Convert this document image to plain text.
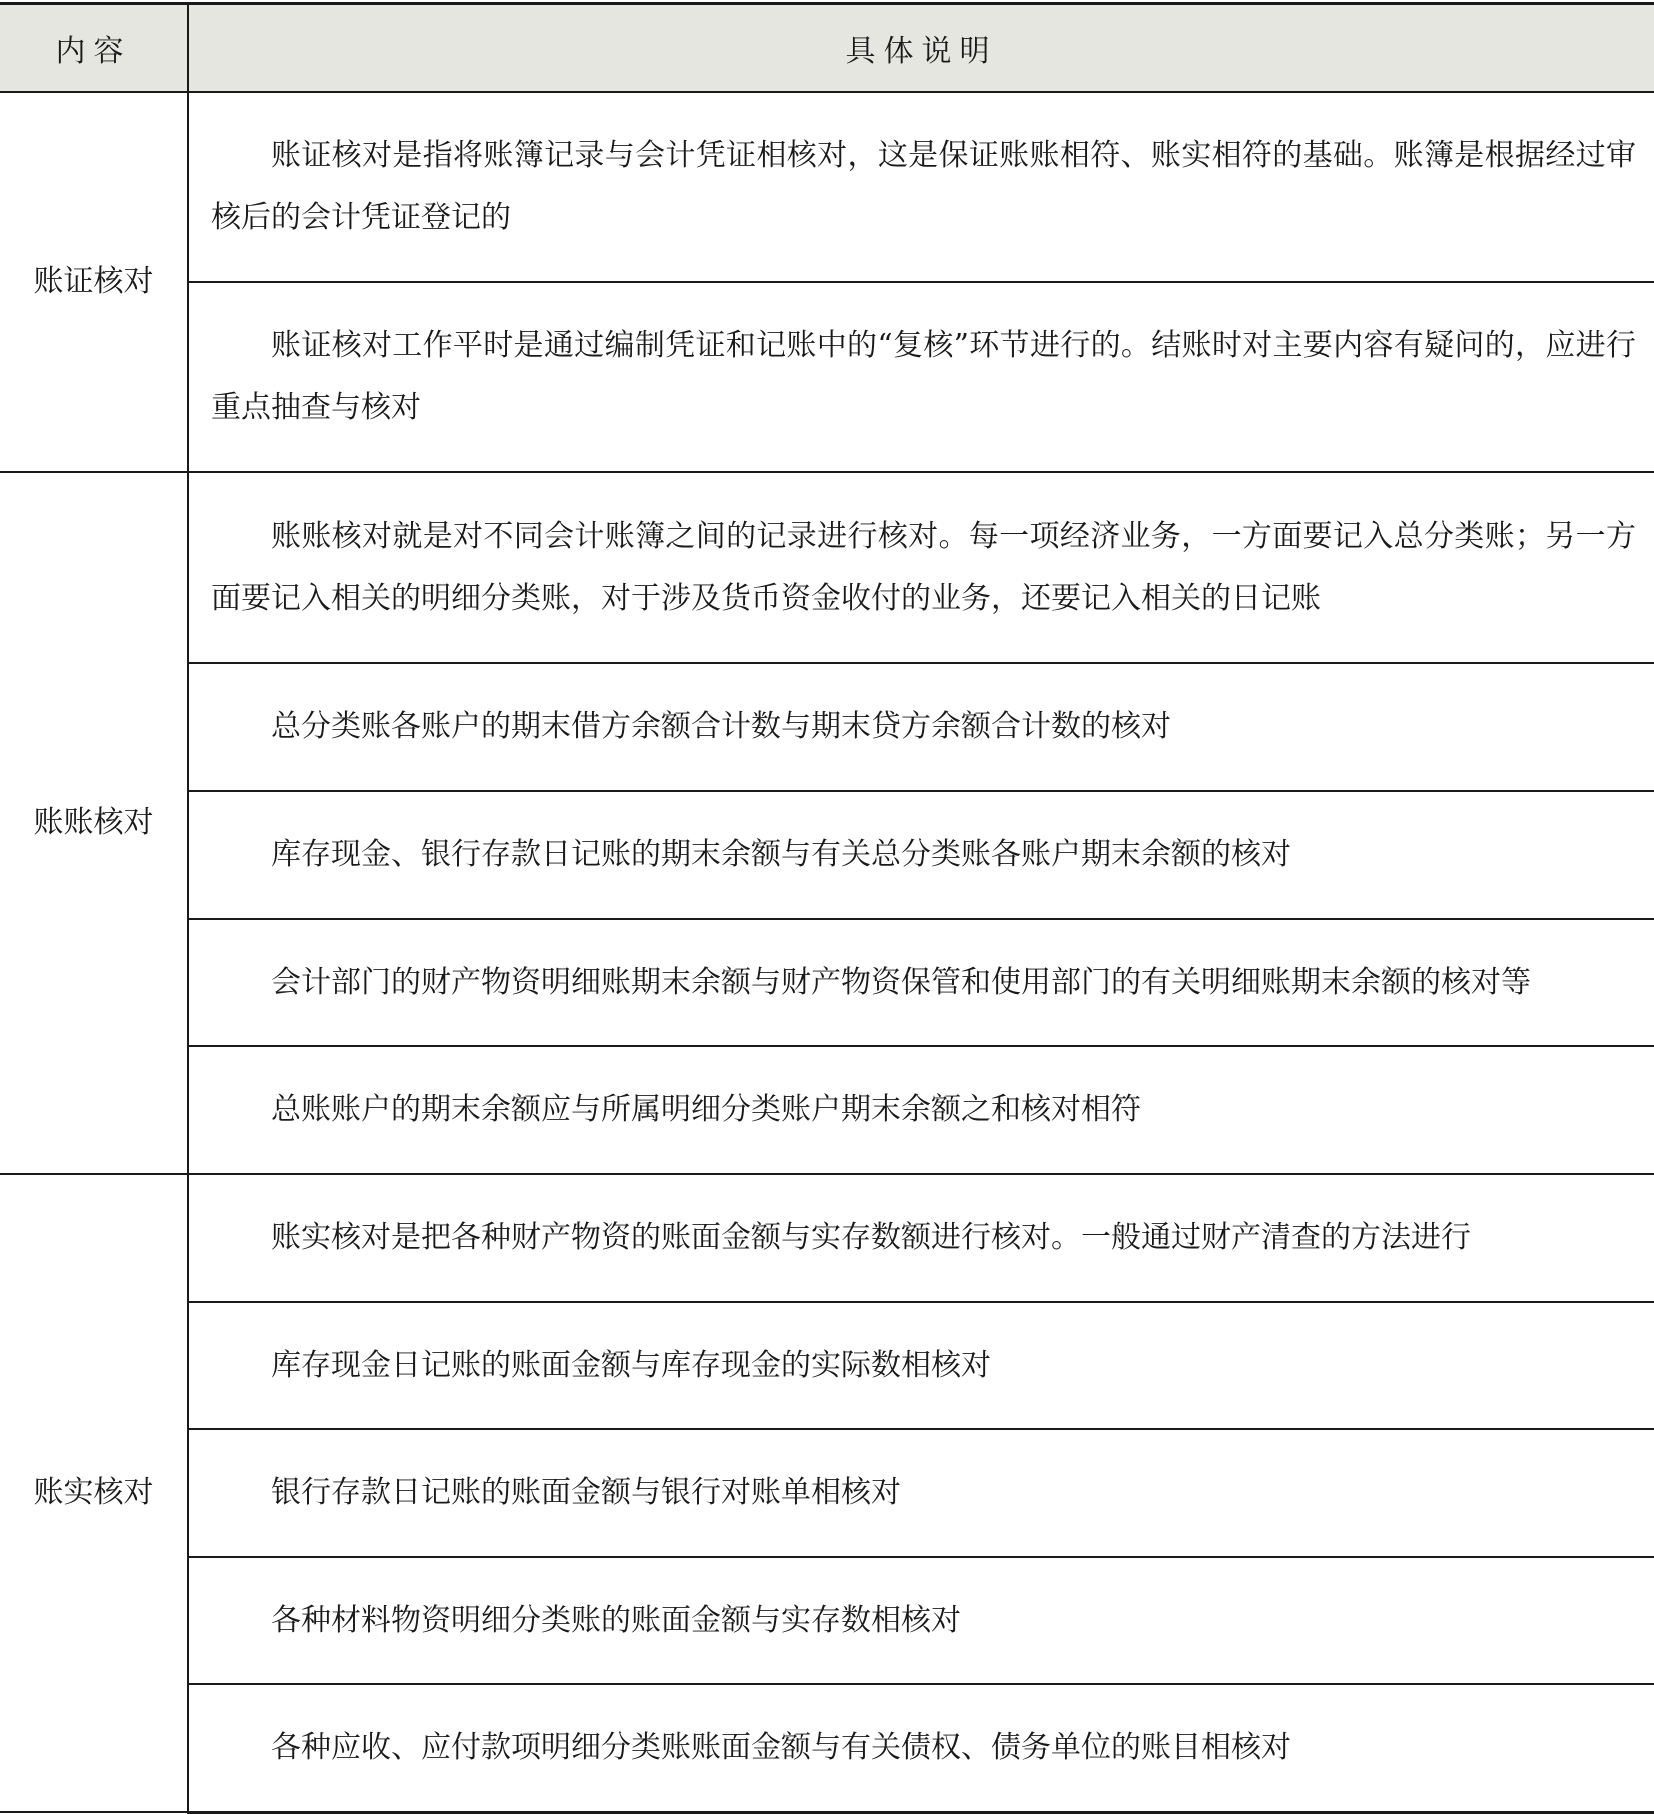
内容	具体说明
账证核对	账证核对是指将账簿记录与会计凭证相核对，这是保证账账相符、账实相符的基础。账簿是根据经过审核后的会计凭证登记的
	账证核对工作平时是通过编制凭证和记账中的“复核”环节进行的。结账时对主要内容有疑问的，应进行重点抽查与核对
账账核对	账账核对就是对不同会计账簿之间的记录进行核对。每一项经济业务，一方面要记入总分类账；另一方面要记入相关的明细分类账，对于涉及货币资金收付的业务，还要记入相关的日记账
	总分类账各账户的期末借方余额合计数与期末贷方余额合计数的核对
	库存现金、银行存款日记账的期末余额与有关总分类账各账户期末余额的核对
	会计部门的财产物资明细账期末余额与财产物资保管和使用部门的有关明细账期末余额的核对等
	总账账户的期末余额应与所属明细分类账户期末余额之和核对相符
账实核对	账实核对是把各种财产物资的账面金额与实存数额进行核对。一般通过财产清查的方法进行
	库存现金日记账的账面金额与库存现金的实际数相核对
	银行存款日记账的账面金额与银行对账单相核对
	各种材料物资明细分类账的账面金额与实存数相核对
	各种应收、应付款项明细分类账账面金额与有关债权、债务单位的账目相核对
